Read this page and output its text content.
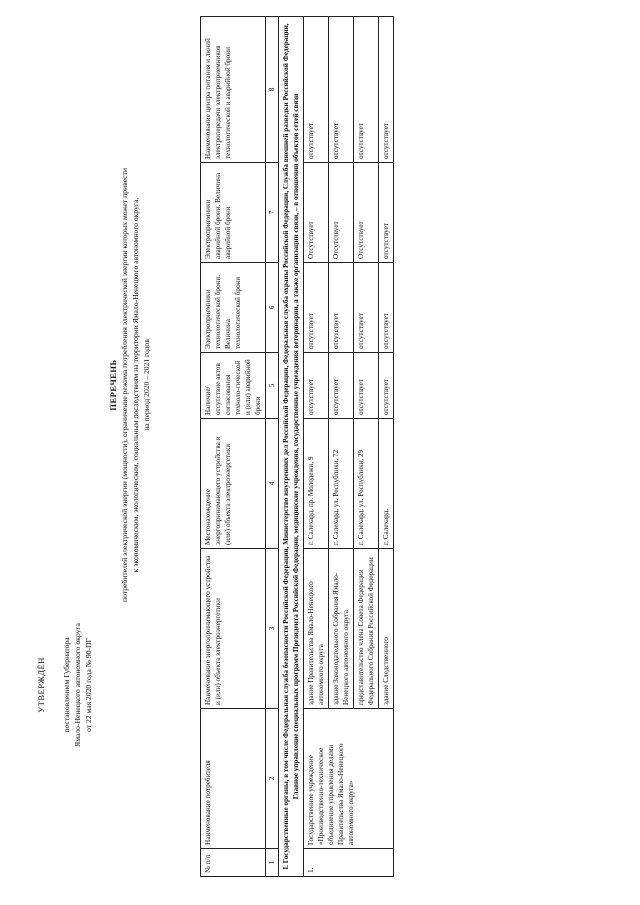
УТВЕРЖДЁН постановлением Губернатора Ямало-Ненецкого автономного округа от 22 мая 2020 года № 90-ПГ
ПЕРЕЧЕНЬ потребителей электрической энергии (мощности), ограничение режима потребления электрической энергии которых может привести к экономическим, экологическим, социальным последствиям на территории Ямало-Ненецкого автономного округа, на период 2020 – 2021 годов
№ п/п	Наименование потребителя	Наименование энергопринимающего устройства и (или) объекта электроэнергетики	Местонахождение энергопринимающего устройства и (или) объекта электроэнергетики	Наличие/ отсутствие актов согласования техноло-гической и (или) аварийной брони	Электроприемники технологической брони. Величина технологической брони	Электроприемники аварийной брони. Величина аварийной брони	Наименование центра питания и линий электропередачи электроприемников технологической и аварийной брони
1	2	3	4	5	6	7	8
I. Государственные органы, в том числе Федеральная служба безопасности Российской Федерации, Министерство внутренних дел Российской Федерации, Федеральная служба охраны Российской Федерации, Служба внешней разведки Российской Федерации, Главное управление специальных программ Президента Российской Федерации, медицинские учреждения, государственные учреждения ветеринарии, а также организации связи, – в отношении объектов сетей связи							
1.	Государственное учреждение «Производственно-техническое объединение управления делами Правительства Ямало-Ненецкого автономного округа»	здание Правительства Ямало-Ненецкого автономного округа	г. Салехард, пр. Молодежи, 9	отсутствует	отсутствует	Отсутствует	отсутствует
		здание Законодательного Собрания Ямало-Ненецкого автономного округа	г. Салехард, ул. Республики, 72	отсутствует	отсутствует	Отсутствует	отсутствует
		представительство члена Совета Федерации Федерального Собрания Российской Федерации	г. Салехард, ул. Республики, 29	отсутствует	отсутствует	Отсутствует	отсутствует
		здание Следственного	г. Салехард,	отсутствует	отсутствует	отсутствует	отсутствует
